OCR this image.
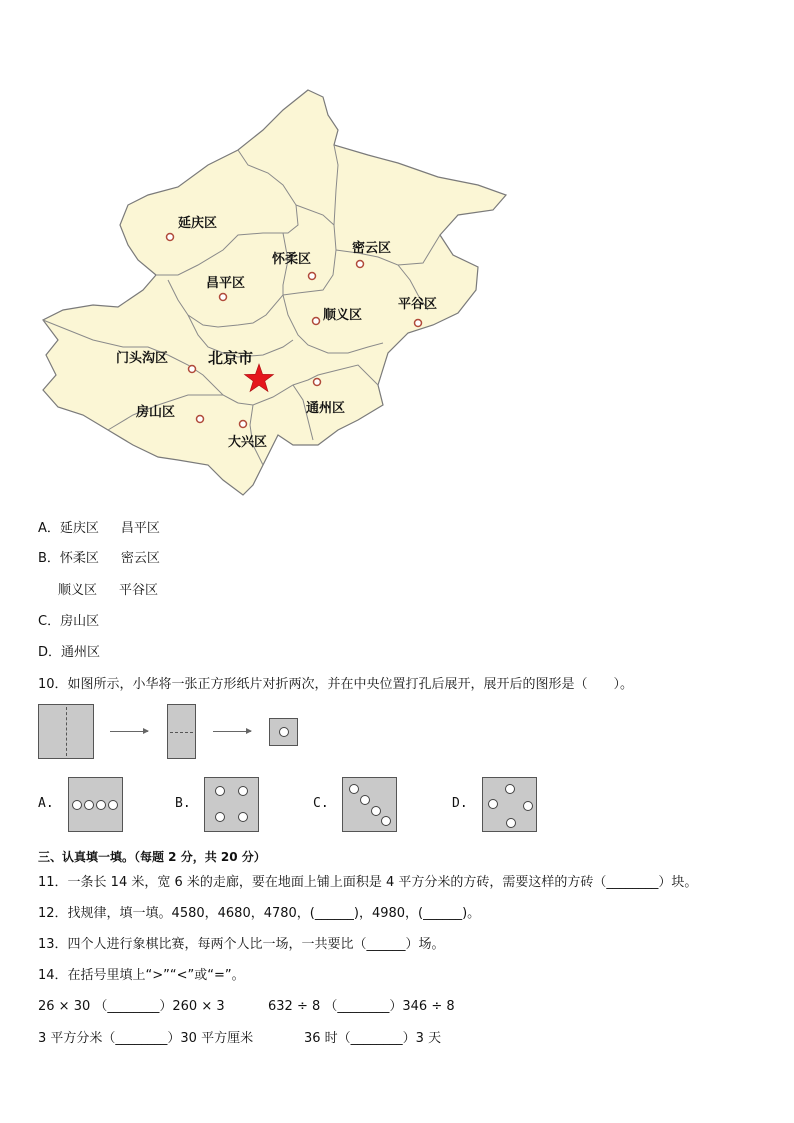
延庆区
怀柔区
密云区
昌平区
平谷区
顺义区
门头沟区	北京市
房山区	通州区
大兴区
A．延庆区 昌平区
B．怀柔区 密云区
顺义区 平谷区
C．房山区
D．通州区
10．如图所示，小华将一张正方形纸片对折两次，并在中央位置打孔后展开，展开后的图形是（　　）。
A.	B.	C.	D.
三、认真填一填。（每题 2 分，共 20 分）
11．一条长 14 米，宽 6 米的走廊，要在地面上铺上面积是 4 平方分米的方砖，需要这样的方砖（________）块。
12．找规律，填一填。4580，4680，4780，(______)，4980，(______)。
13．四个人进行象棋比赛，每两个人比一场，一共要比（______）场。
14．在括号里填上“>”“<”或“=”。
26 × 30 （________）260 × 3	632 ÷ 8 （________）346 ÷ 8
3 平方分米（________）30 平方厘米	36 时（________）3 天
